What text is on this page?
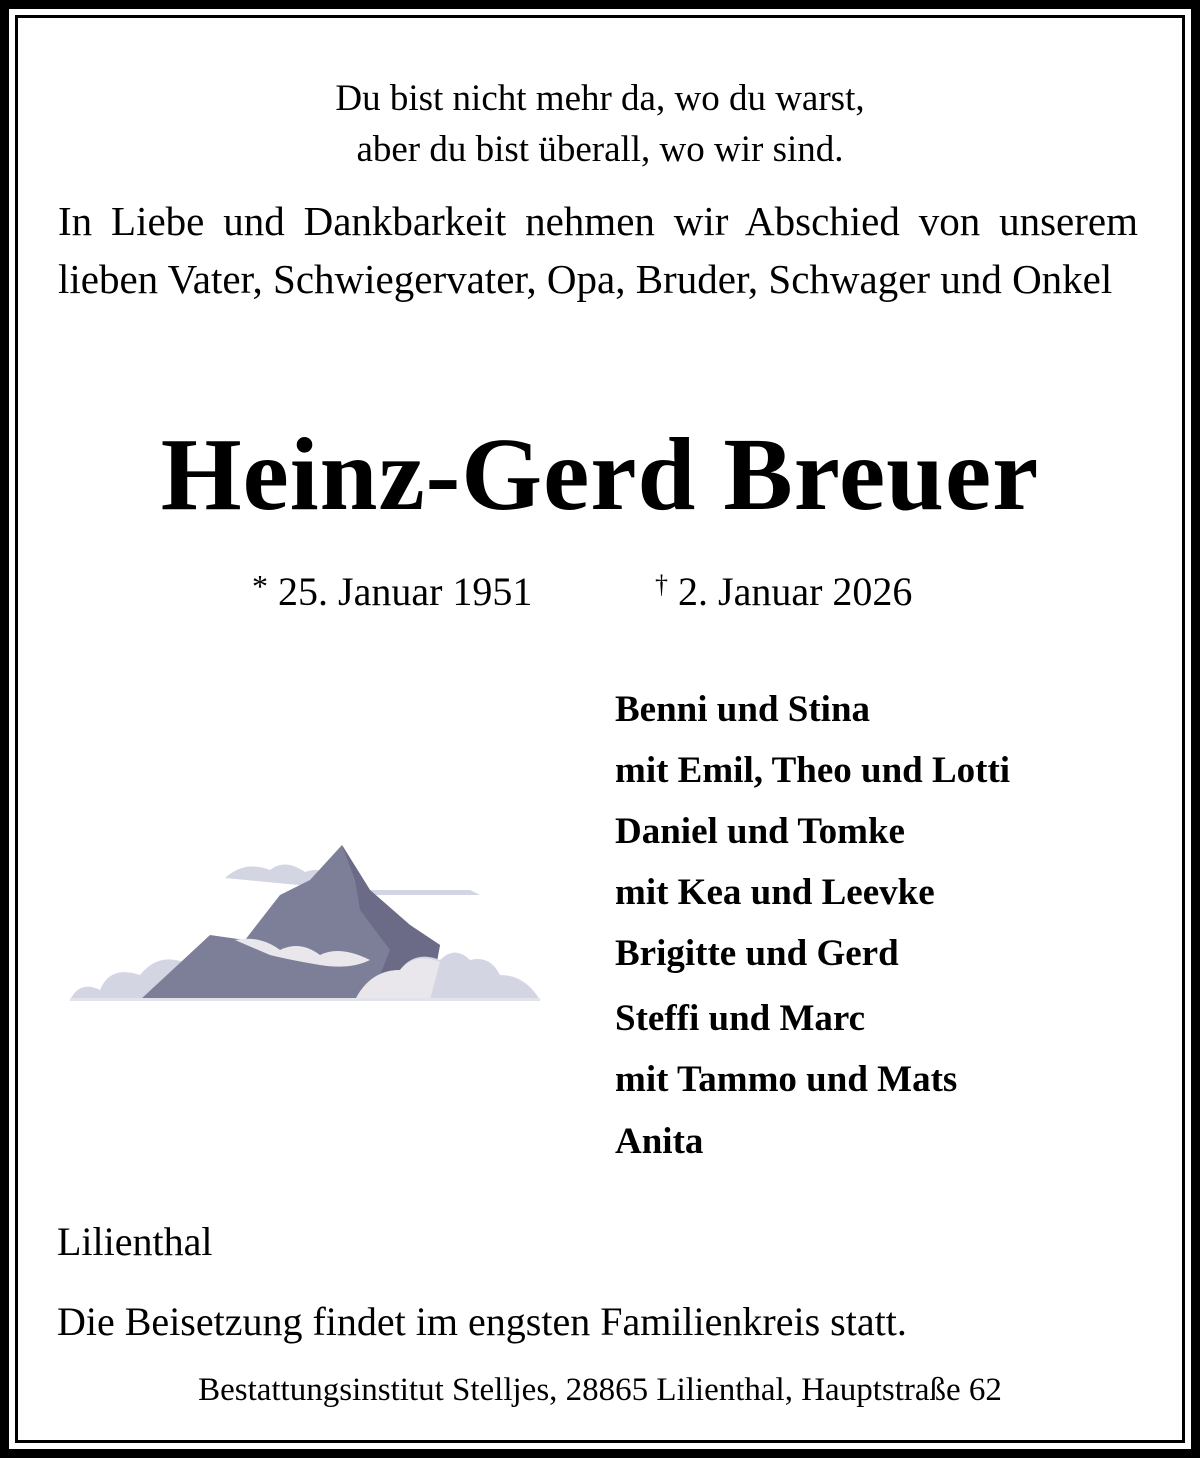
Du bist nicht mehr da, wo du warst,
aber du bist überall, wo wir sind.
In Liebe und Dankbarkeit nehmen wir Abschied von unserem lieben Vater, Schwiegervater, Opa, Bruder, Schwager und Onkel
Heinz-Gerd Breuer
* 25. Januar 1951	† 2. Januar 2026
Benni und Stina
mit Emil, Theo und Lotti
Daniel und Tomke
mit Kea und Leevke
Brigitte und Gerd
Steffi und Marc
mit Tammo und Mats
Anita
Lilienthal
Die Beisetzung findet im engsten Familienkreis statt.
Bestattungsinstitut Stelljes, 28865 Lilienthal, Hauptstraße 62
